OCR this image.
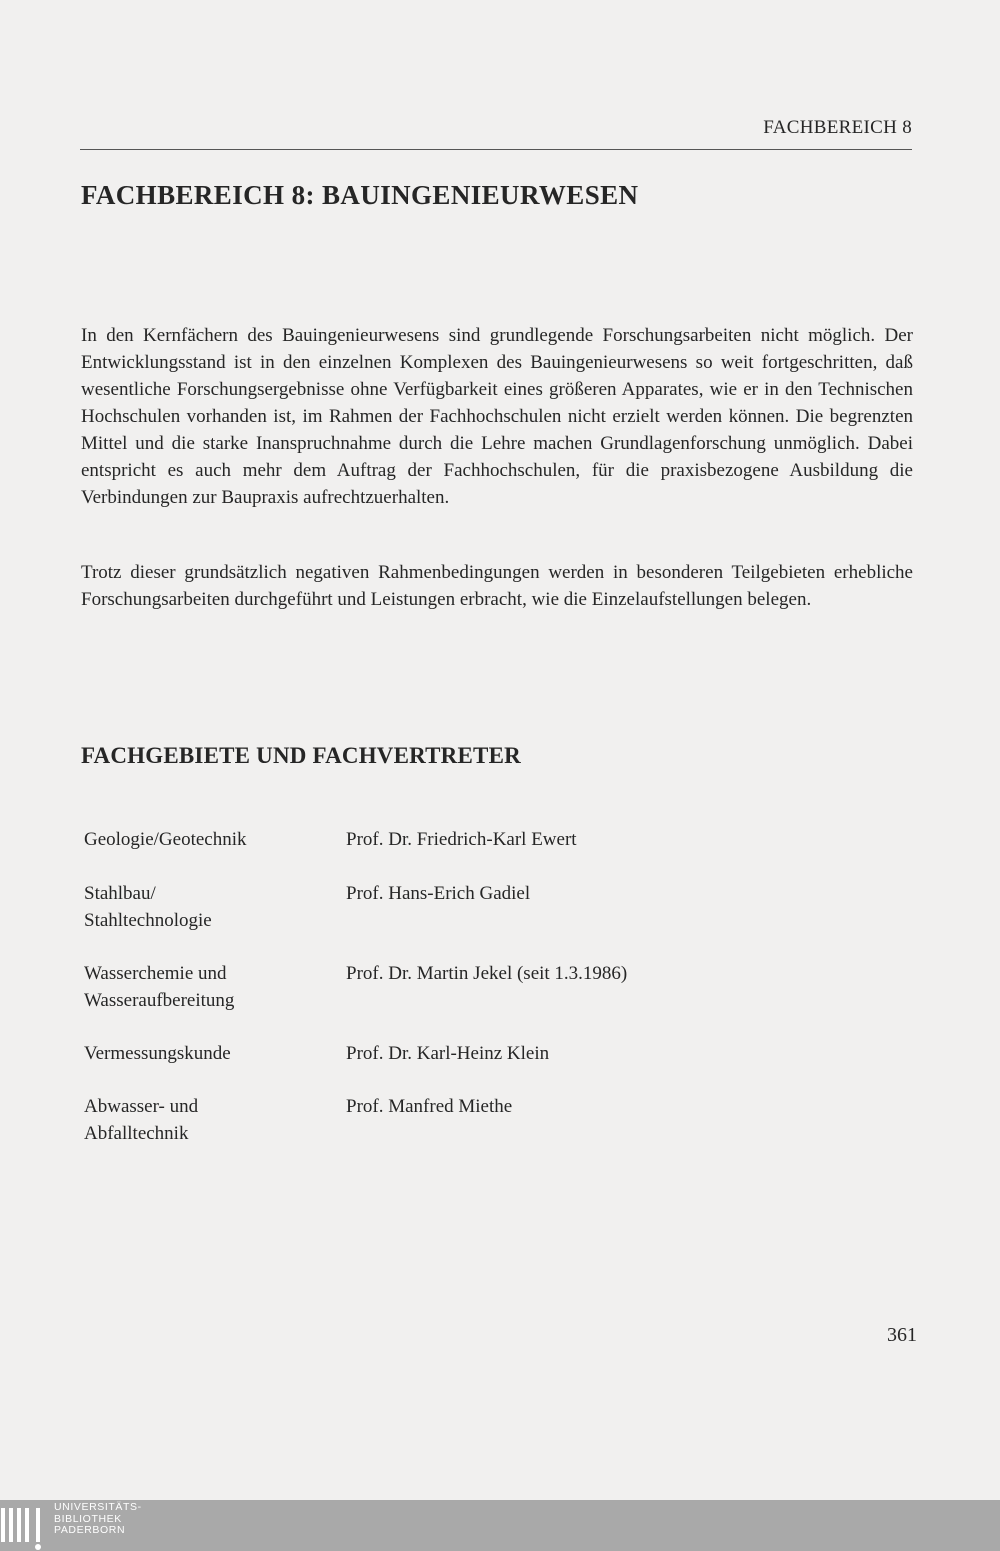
FACHBEREICH 8
FACHBEREICH 8: BAUINGENIEURWESEN

In den Kernfächern des Bauingenieurwesens sind grundlegende Forschungsarbeiten nicht möglich. Der Entwicklungsstand ist in den einzelnen Komplexen des Bauingenieurwesens so weit fortgeschritten, daß wesentliche Forschungsergebnisse ohne Verfügbarkeit eines größeren Apparates, wie er in den Technischen Hochschulen vorhanden ist, im Rahmen der Fachhochschulen nicht erzielt werden können. Die begrenzten Mittel und die starke Inanspruchnahme durch die Lehre machen Grundlagenforschung unmöglich. Dabei entspricht es auch mehr dem Auftrag der Fachhochschulen, für die praxisbezogene Ausbildung die Verbindungen zur Baupraxis aufrechtzuerhalten.

Trotz dieser grundsätzlich negativen Rahmenbedingungen werden in besonderen Teilgebieten erhebliche Forschungsarbeiten durchgeführt und Leistungen erbracht, wie die Einzelaufstellungen belegen.

FACHGEBIETE UND FACHVERTRETER
Geologie/Geotechnik	Prof. Dr. Friedrich-Karl Ewert
Stahlbau/
Stahltechnologie
Prof. Hans-Erich Gadiel
Wasserchemie und
Wasseraufbereitung
Prof. Dr. Martin Jekel (seit 1.3.1986)
Vermessungskunde	Prof. Dr. Karl-Heinz Klein
Abwasser- und
Abfalltechnik
Prof. Manfred Miethe
361
UNIVERSITÄTS-
BIBLIOTHEK
PADERBORN
